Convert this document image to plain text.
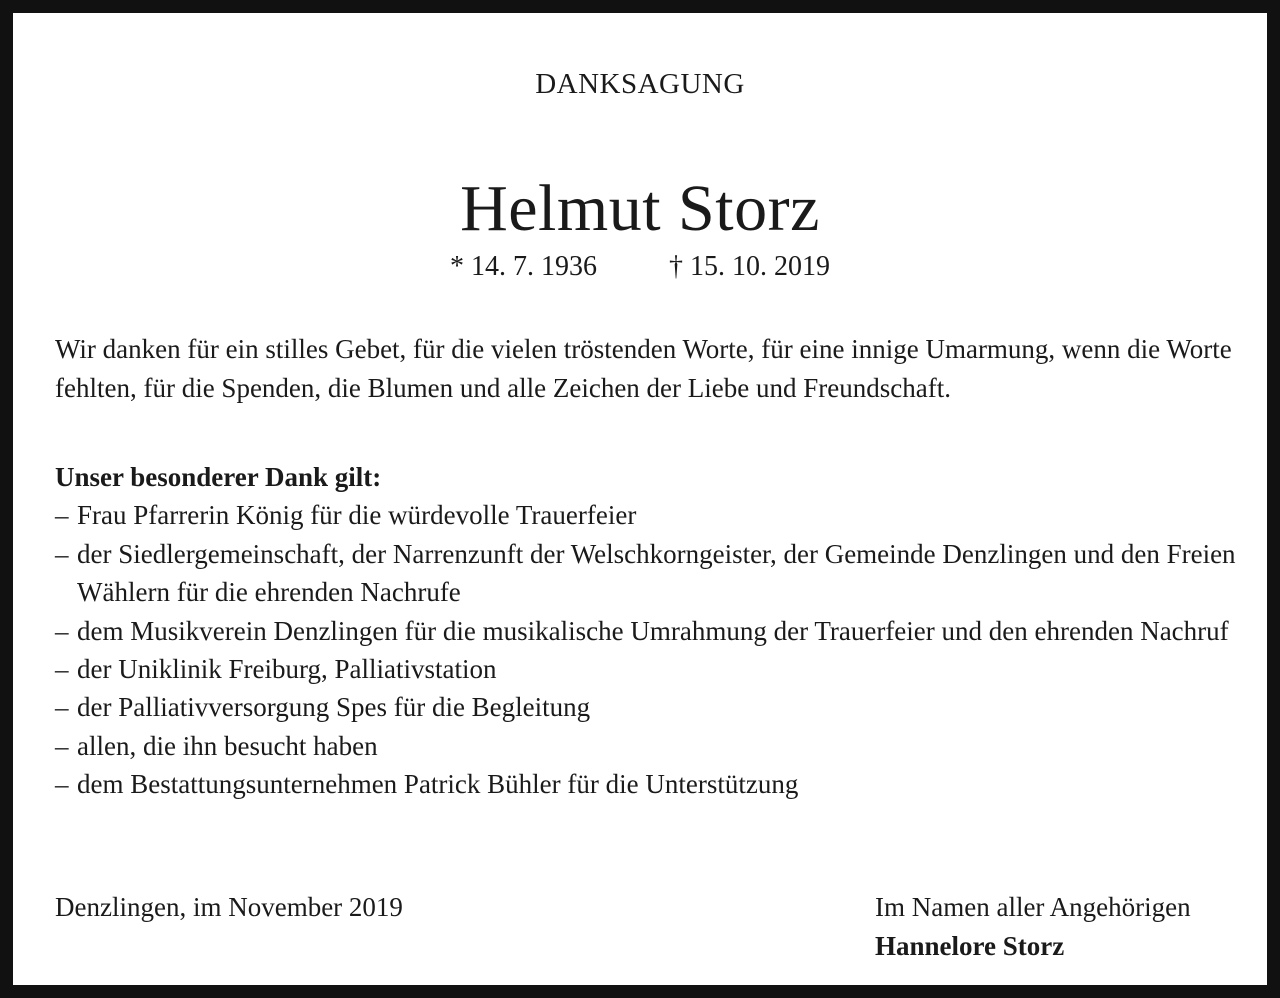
DANKSAGUNG
Helmut Storz
* 14. 7. 1936	† 15. 10. 2019
Wir danken für ein stilles Gebet, für die vielen tröstenden Worte, für eine innige Umarmung, wenn die Worte fehlten, für die Spenden, die Blumen und alle Zeichen der Liebe und Freundschaft.
Unser besonderer Dank gilt:
– Frau Pfarrerin König für die würdevolle Trauerfeier
– der Siedlergemeinschaft, der Narrenzunft der Welschkorngeister, der Gemeinde Denzlingen und den Freien Wählern für die ehrenden Nachrufe
– dem Musikverein Denzlingen für die musikalische Umrahmung der Trauerfeier und den ehrenden Nachruf
– der Uniklinik Freiburg, Palliativstation
– der Palliativversorgung Spes für die Begleitung
– allen, die ihn besucht haben
– dem Bestattungsunternehmen Patrick Bühler für die Unterstützung
Denzlingen, im November 2019	Im Namen aller Angehörigen
Hannelore Storz
